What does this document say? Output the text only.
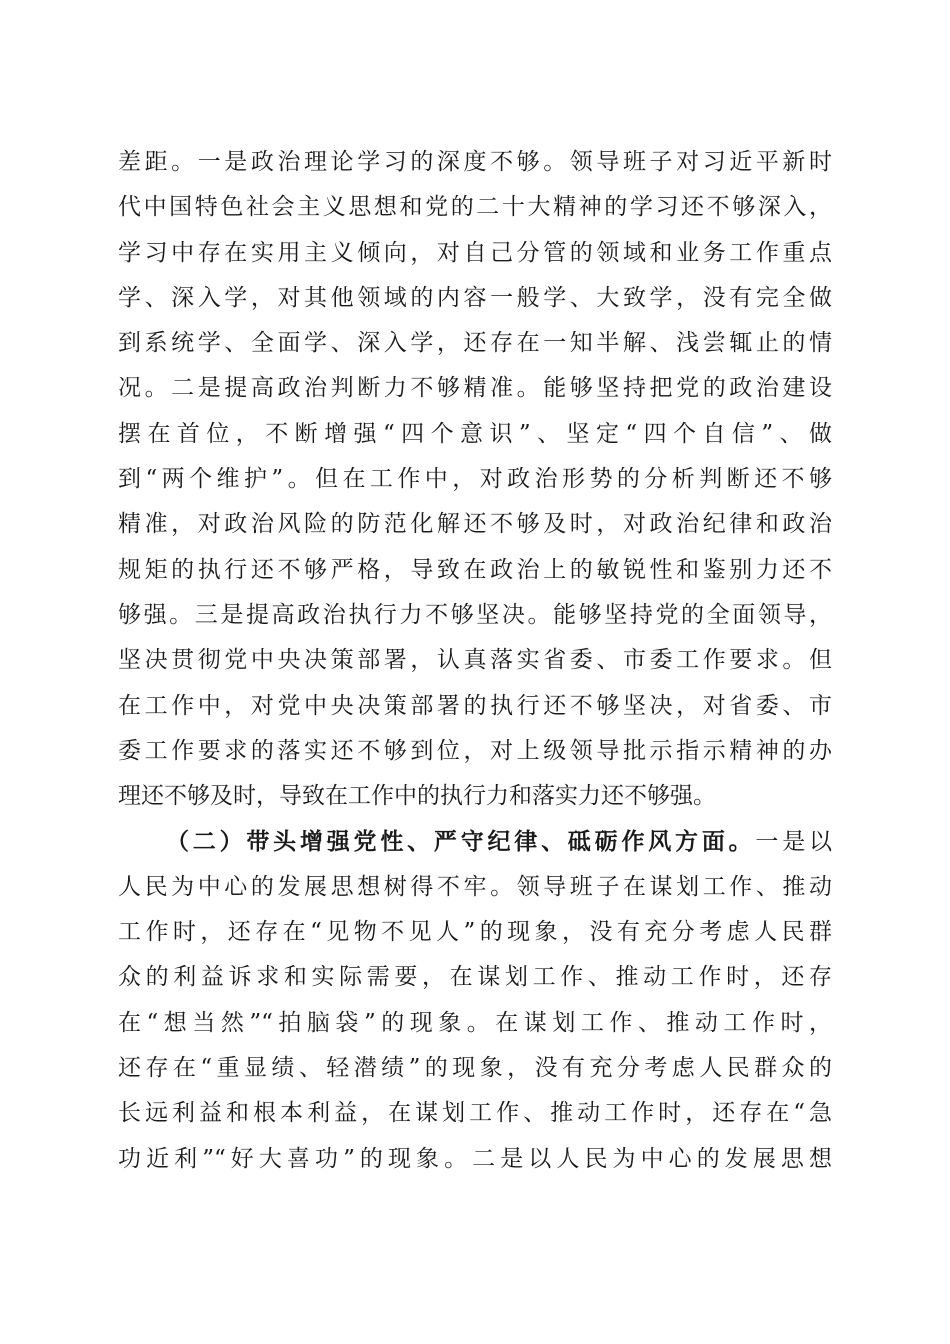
差距。一是政治理论学习的深度不够。领导班子对习近平新时
代中国特色社会主义思想和党的二十大精神的学习还不够深入，
学习中存在实用主义倾向，对自己分管的领域和业务工作重点
学、深入学，对其他领域的内容一般学、大致学，没有完全做
到系统学、全面学、深入学，还存在一知半解、浅尝辄止的情
况。二是提高政治判断力不够精准。能够坚持把党的政治建设
摆在首位，不断增强“四个意识”、坚定“四个自信”、做
到“两个维护”。但在工作中，对政治形势的分析判断还不够
精准，对政治风险的防范化解还不够及时，对政治纪律和政治
规矩的执行还不够严格，导致在政治上的敏锐性和鉴别力还不
够强。三是提高政治执行力不够坚决。能够坚持党的全面领导，
坚决贯彻党中央决策部署，认真落实省委、市委工作要求。但
在工作中，对党中央决策部署的执行还不够坚决，对省委、市
委工作要求的落实还不够到位，对上级领导批示指示精神的办
理还不够及时，导致在工作中的执行力和落实力还不够强。
（二）带头增强党性、严守纪律、砥砺作风方面。一是以
人民为中心的发展思想树得不牢。领导班子在谋划工作、推动
工作时，还存在“见物不见人”的现象，没有充分考虑人民群
众的利益诉求和实际需要，在谋划工作、推动工作时，还存
在“想当然”“拍脑袋”的现象。在谋划工作、推动工作时，
还存在“重显绩、轻潜绩”的现象，没有充分考虑人民群众的
长远利益和根本利益，在谋划工作、推动工作时，还存在“急
功近利”“好大喜功”的现象。二是以人民为中心的发展思想
